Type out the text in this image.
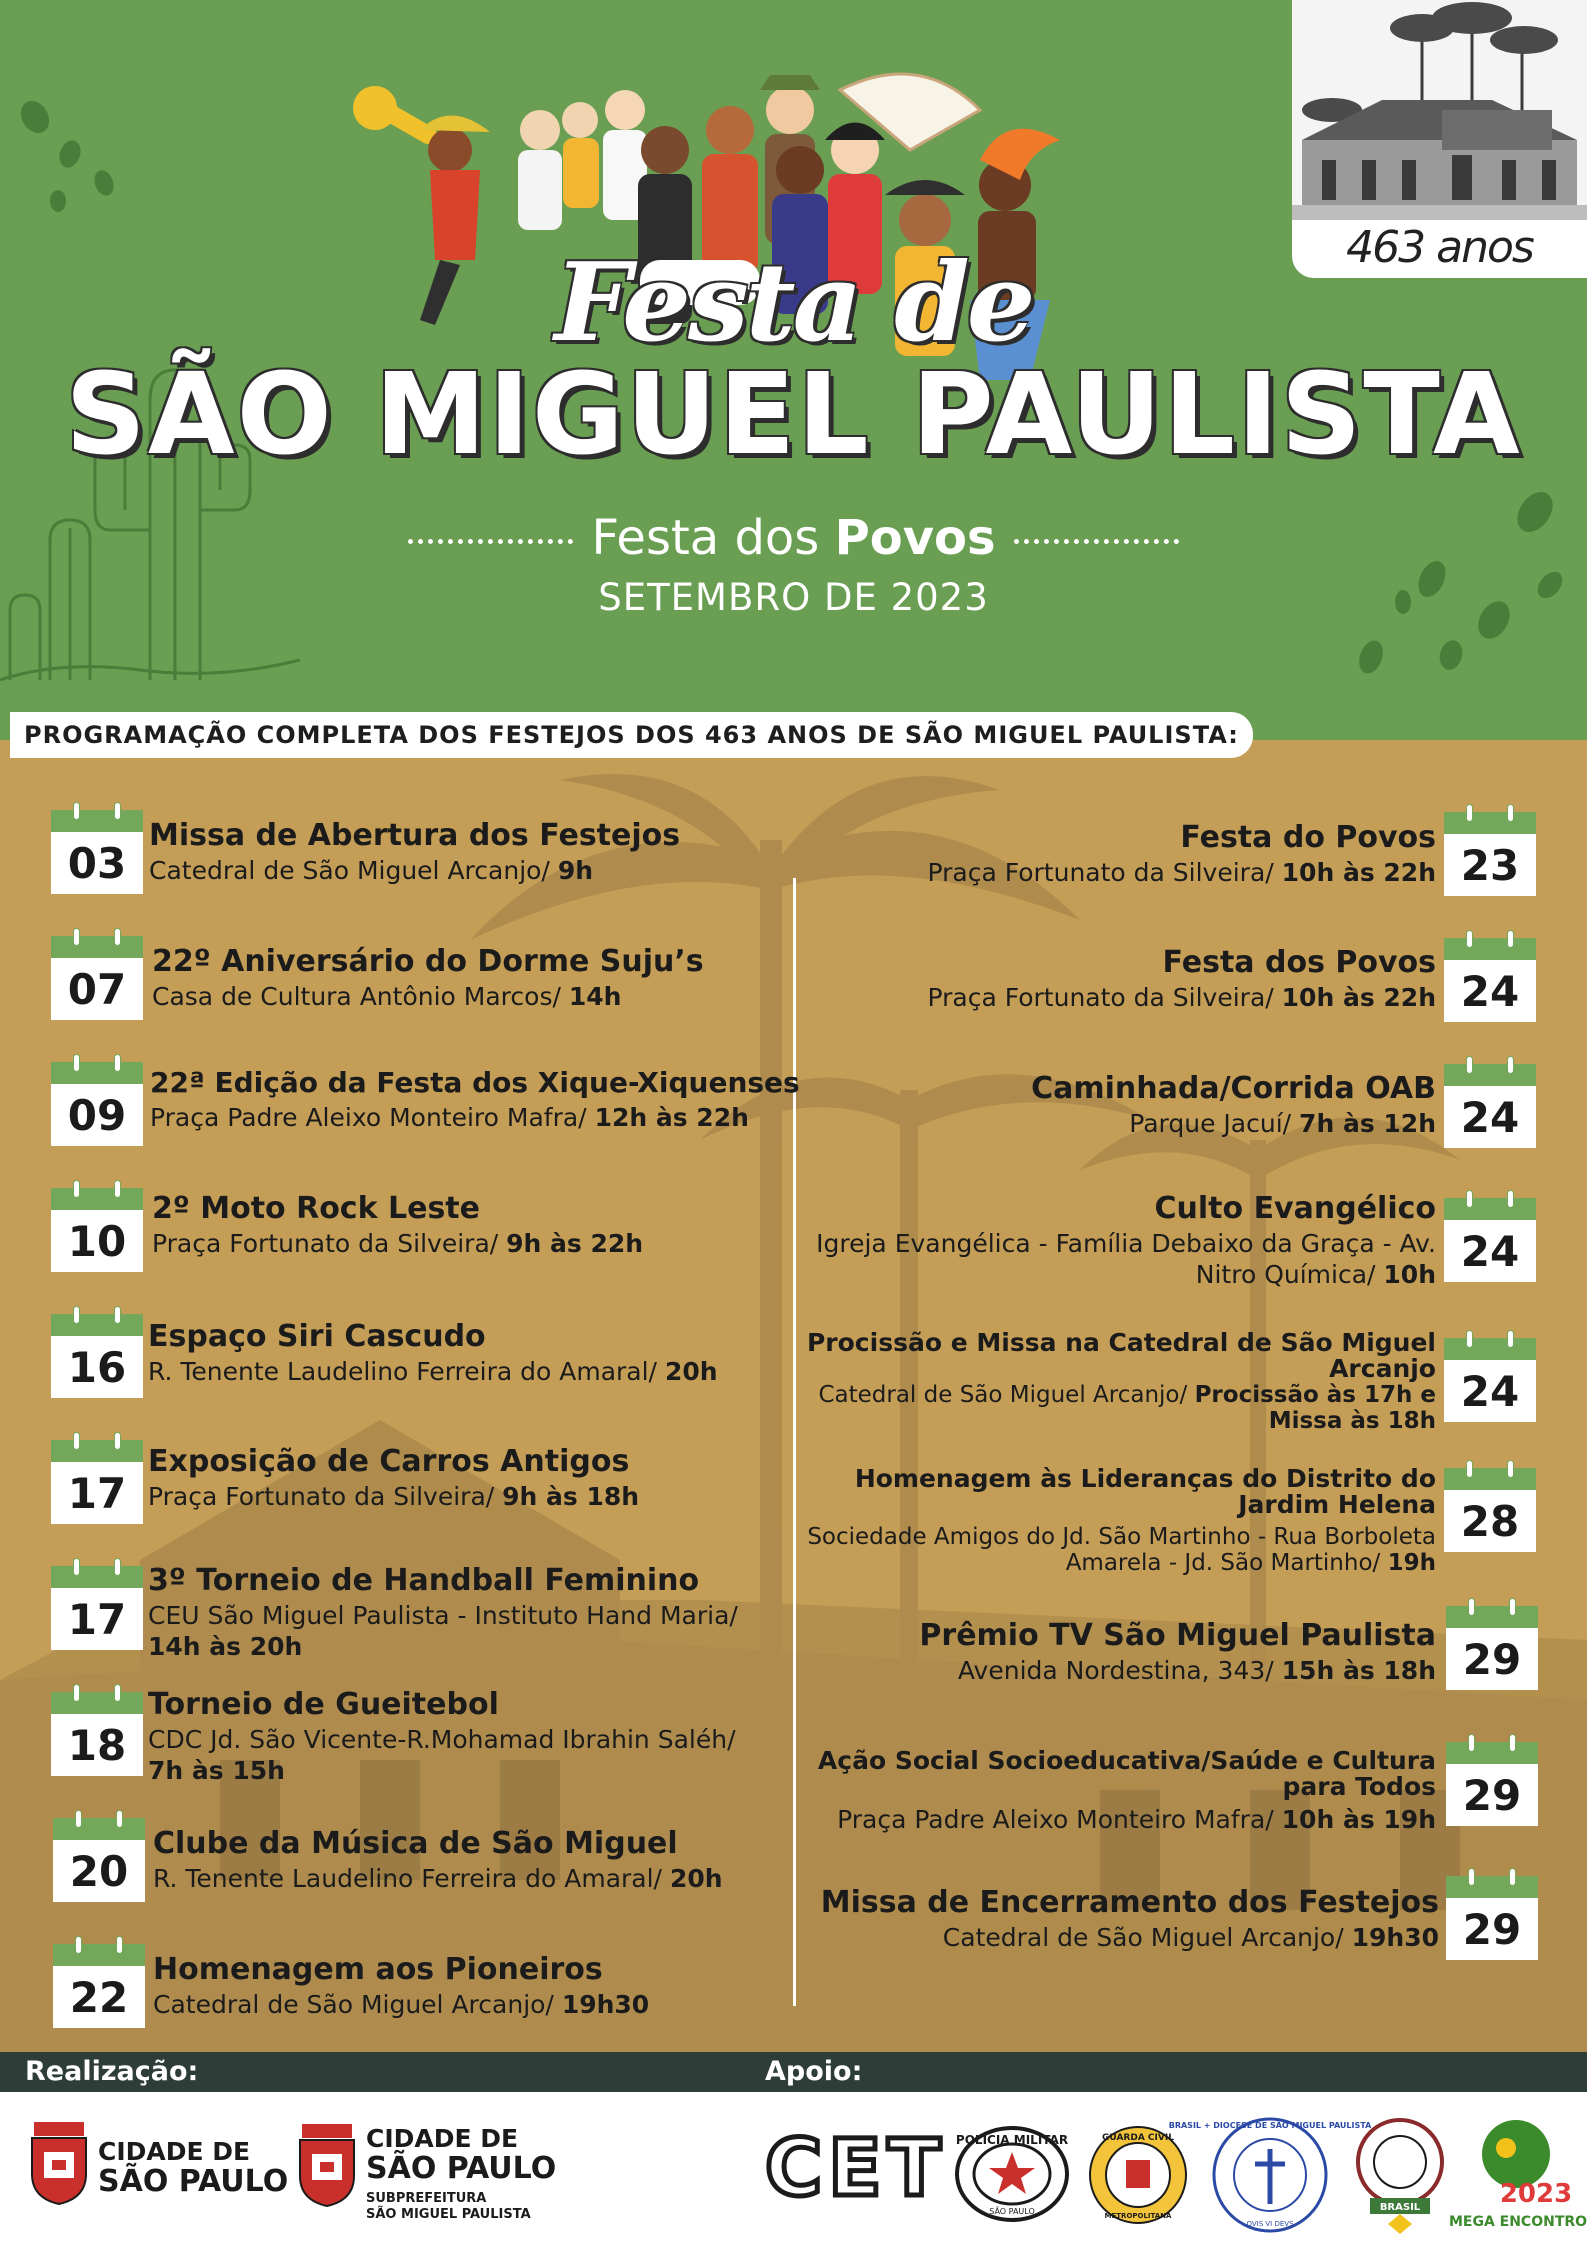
463 anos
Festa de
SÃO MIGUEL PAULISTA
Festa dos Povos
SETEMBRO DE 2023
PROGRAMAÇÃO COMPLETA DOS FESTEJOS DOS 463 ANOS DE SÃO MIGUEL PAULISTA:
03
Missa de Abertura dos Festejos
Catedral de São Miguel Arcanjo/ 9h
07
22º Aniversário do Dorme Suju’s
Casa de Cultura Antônio Marcos/ 14h
09
22ª Edição da Festa dos Xique-Xiquenses
Praça Padre Aleixo Monteiro Mafra/ 12h às 22h
10
2º Moto Rock Leste
Praça Fortunato da Silveira/ 9h às 22h
16
Espaço Siri Cascudo
R. Tenente Laudelino Ferreira do Amaral/ 20h
17
Exposição de Carros Antigos
Praça Fortunato da Silveira/ 9h às 18h
17
3º Torneio de Handball Feminino
CEU São Miguel Paulista - Instituto Hand Maria/ 14h às 20h
18
Torneio de Gueitebol
CDC Jd. São Vicente-R.Mohamad Ibrahin Saléh/ 7h às 15h
20
Clube da Música de São Miguel
R. Tenente Laudelino Ferreira do Amaral/ 20h
22
Homenagem aos Pioneiros
Catedral de São Miguel Arcanjo/ 19h30
23
Festa do Povos
Praça Fortunato da Silveira/ 10h às 22h
24
Festa dos Povos
Praça Fortunato da Silveira/ 10h às 22h
24
Caminhada/Corrida OAB
Parque Jacuí/ 7h às 12h
24
Culto Evangélico
Igreja Evangélica - Família Debaixo da Graça - Av. Nitro Química/ 10h
24
Procissão e Missa na Catedral de São Miguel Arcanjo
Catedral de São Miguel Arcanjo/ Procissão às 17h e Missa às 18h
28
Homenagem às Lideranças do Distrito do Jardim Helena
Sociedade Amigos do Jd. São Martinho - Rua Borboleta Amarela - Jd. São Martinho/ 19h
29
Prêmio TV São Miguel Paulista
Avenida Nordestina, 343/ 15h às 18h
29
Ação Social Socioeducativa/Saúde e Cultura para Todos
Praça Padre Aleixo Monteiro Mafra/ 10h às 19h
29
Missa de Encerramento dos Festejos
Catedral de São Miguel Arcanjo/ 19h30
Realização:	Apoio:
CIDADE DE
SÃO PAULO
CIDADE DE
SÃO PAULO
SUBPREFEITURA
SÃO MIGUEL PAULISTA
CET POLÍCIA MILITAR
SÃO PAULO
GUARDA CIVIL
METROPOLITANA
BRASIL + DIOCESE DE SÃO MIGUEL PAULISTA
OVIS VI DEVS
BRASIL	2023
MEGA ENCONTRO
